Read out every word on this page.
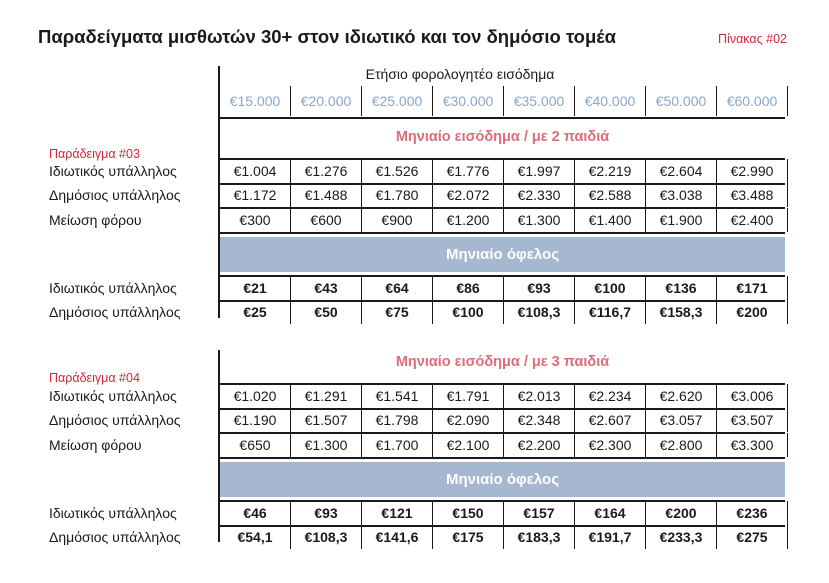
Παραδείγματα μισθωτών 30+ στον ιδιωτικό και τον δημόσιο τομέα	Πίνακας #02
Ετήσιο φορολογητέο εισόδημα
€15.000	€20.000	€25.000	€30.000	€35.000	€40.000	€50.000	€60.000
Μηνιαίο εισόδημα / με 2 παιδιά
Παράδειγμα #03
Ιδιωτικός υπάλληλος	€1.004	€1.276	€1.526	€1.776	€1.997	€2.219	€2.604	€2.990
Δημόσιος υπάλληλος	€1.172	€1.488	€1.780	€2.072	€2.330	€2.588	€3.038	€3.488
Μείωση φόρου	€300	€600	€900	€1.200	€1.300	€1.400	€1.900	€2.400
Μηνιαίο όφελος
Ιδιωτικός υπάλληλος	€21	€43	€64	€86	€93	€100	€136	€171
Δημόσιος υπάλληλος	€25	€50	€75	€100	€108,3	€116,7	€158,3	€200
Μηνιαίο εισόδημα / με 3 παιδιά
Παράδειγμα #04
Ιδιωτικός υπάλληλος	€1.020	€1.291	€1.541	€1.791	€2.013	€2.234	€2.620	€3.006
Δημόσιος υπάλληλος	€1.190	€1.507	€1.798	€2.090	€2.348	€2.607	€3.057	€3.507
Μείωση φόρου	€650	€1.300	€1.700	€2.100	€2.200	€2.300	€2.800	€3.300
Μηνιαίο όφελος
Ιδιωτικός υπάλληλος	€46	€93	€121	€150	€157	€164	€200	€236
Δημόσιος υπάλληλος	€54,1	€108,3	€141,6	€175	€183,3	€191,7	€233,3	€275
